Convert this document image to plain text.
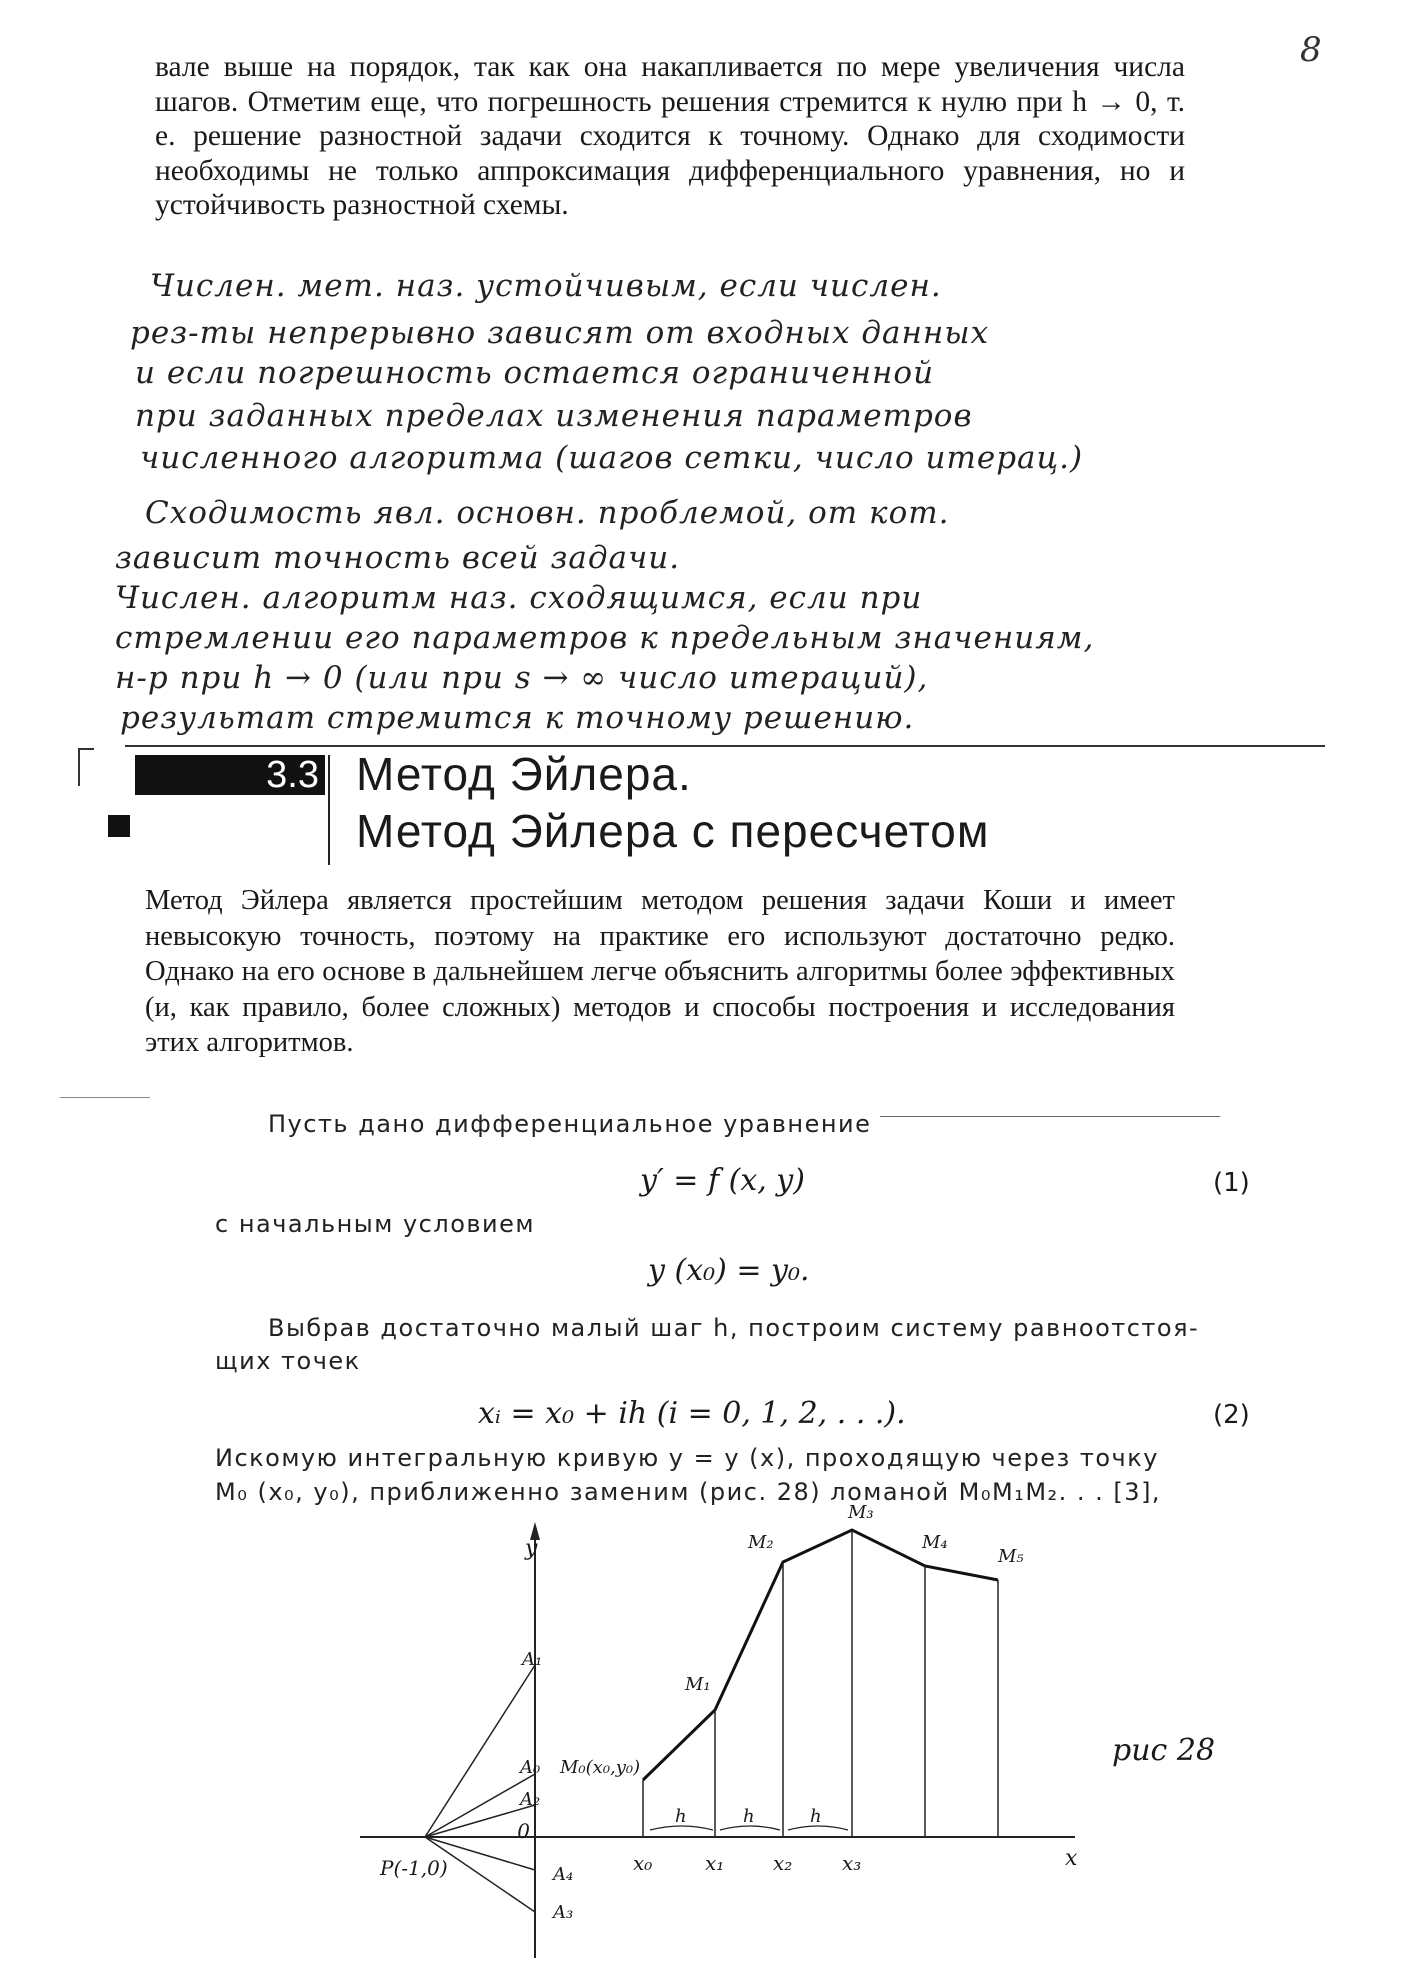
8
вале выше на порядок, так как она накапливается по мере увеличения числа шагов. Отметим еще, что погрешность решения стремится к нулю при h → 0, т. е. решение разностной задачи сходится к точному. Однако для сходимости необходимы не только аппроксимация дифференциального уравнения, но и устойчивость разностной схемы.
Числен. мет. наз. устойчивым, если числен.
рез-ты непрерывно зависят от входных данных
и если погрешность остается ограниченной
при заданных пределах изменения параметров
численного алгоритма (шагов сетки, число итерац.)
Сходимость явл. основн. проблемой, от кот.
зависит точность всей задачи.
Числен. алгоритм наз. сходящимся, если при
стремлении его параметров к предельным значениям,
н-р при h → 0 (или при s → ∞ число итераций),
результат стремится к точному решению.
3.3 Метод Эйлера.
Метод Эйлера с пересчетом
Метод Эйлера является простейшим методом решения задачи Коши и имеет невысокую точность, поэтому на практике его используют достаточно редко. Однако на его основе в дальнейшем легче объяснить алгоритмы более эффективных (и, как правило, более сложных) методов и способы построения и исследования этих алгоритмов.
Пусть дано дифференциальное уравнение
y′ = f (x, y)	(1)
с начальным условием
y (x₀) = y₀.
Выбрав достаточно малый шаг h, построим систему равноотстоя-
щих точек
xᵢ = x₀ + ih (i = 0, 1, 2, . . .).	(2)
Искомую интегральную кривую y = y (x), проходящую через точку
M₀ (x₀, y₀), приближенно заменим (рис. 28) ломаной M₀M₁M₂. . . [3],
y
x
0
P(-1,0)
A₁
A₀
A₂
A₄
A₃
M₀(x₀,y₀)
M₁
M₂
M₃
M₄
M₅
x₀	x₁ x₂ x₃
h	h	h
рис 28
